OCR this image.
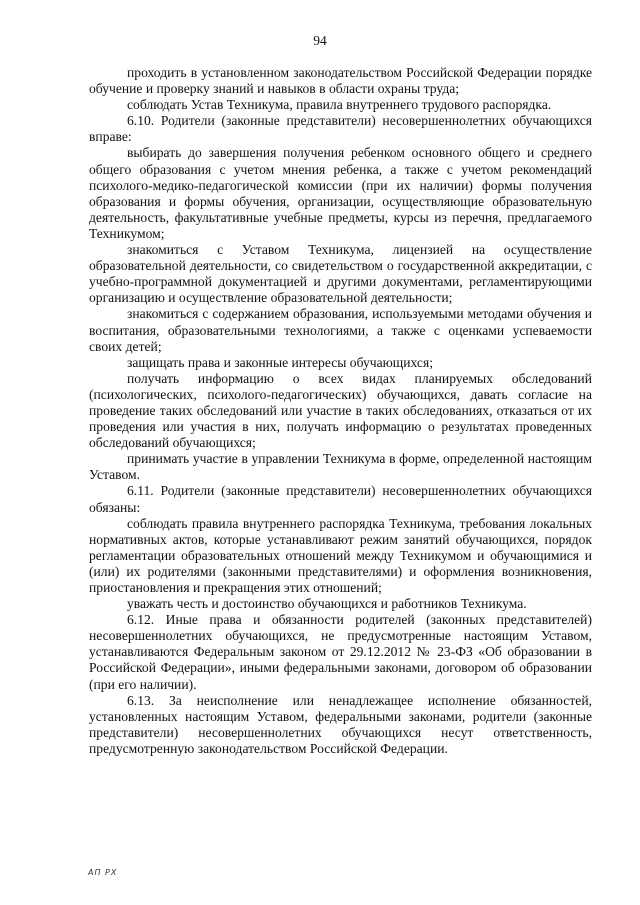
94

проходить в установленном законодательством Российской Федерации порядке обучение и проверку знаний и навыков в области охраны труда;

соблюдать Устав Техникума, правила внутреннего трудового распорядка.

6.10. Родители (законные представители) несовершеннолетних обучающихся вправе:

выбирать до завершения получения ребенком основного общего и среднего общего образования с учетом мнения ребенка, а также с учетом рекомендаций психолого-медико-педагогической комиссии (при их наличии) формы получения образования и формы обучения, организации, осуществляющие образовательную деятельность, факультативные учебные предметы, курсы из перечня, предлагаемого Техникумом;

знакомиться с Уставом Техникума, лицензией на осуществление образовательной деятельности, со свидетельством о государственной аккредитации, с учебно-программной документацией и другими документами, регламентирующими организацию и осуществление образовательной деятельности;

знакомиться с содержанием образования, используемыми методами обучения и воспитания, образовательными технологиями, а также с оценками успеваемости своих детей;

защищать права и законные интересы обучающихся;

получать информацию о всех видах планируемых обследований (психологических, психолого-педагогических) обучающихся, давать согласие на проведение таких обследований или участие в таких обследованиях, отказаться от их проведения или участия в них, получать информацию о результатах проведенных обследований обучающихся;

принимать участие в управлении Техникума в форме, определенной настоящим Уставом.

6.11. Родители (законные представители) несовершеннолетних обучающихся обязаны:

соблюдать правила внутреннего распорядка Техникума, требования локальных нормативных актов, которые устанавливают режим занятий обучающихся, порядок регламентации образовательных отношений между Техникумом и обучающимися и (или) их родителями (законными представителями) и оформления возникновения, приостановления и прекращения этих отношений;

уважать честь и достоинство обучающихся и работников Техникума.

6.12. Иные права и обязанности родителей (законных представителей) несовершеннолетних обучающихся, не предусмотренные настоящим Уставом, устанавливаются Федеральным законом от 29.12.2012 № 23-ФЗ «Об образовании в Российской Федерации», иными федеральными законами, договором об образовании (при его наличии).

6.13. За неисполнение или ненадлежащее исполнение обязанностей, установленных настоящим Уставом, федеральными законами, родители (законные представители) несовершеннолетних обучающихся несут ответственность, предусмотренную законодательством Российской Федерации.

АП РХ
